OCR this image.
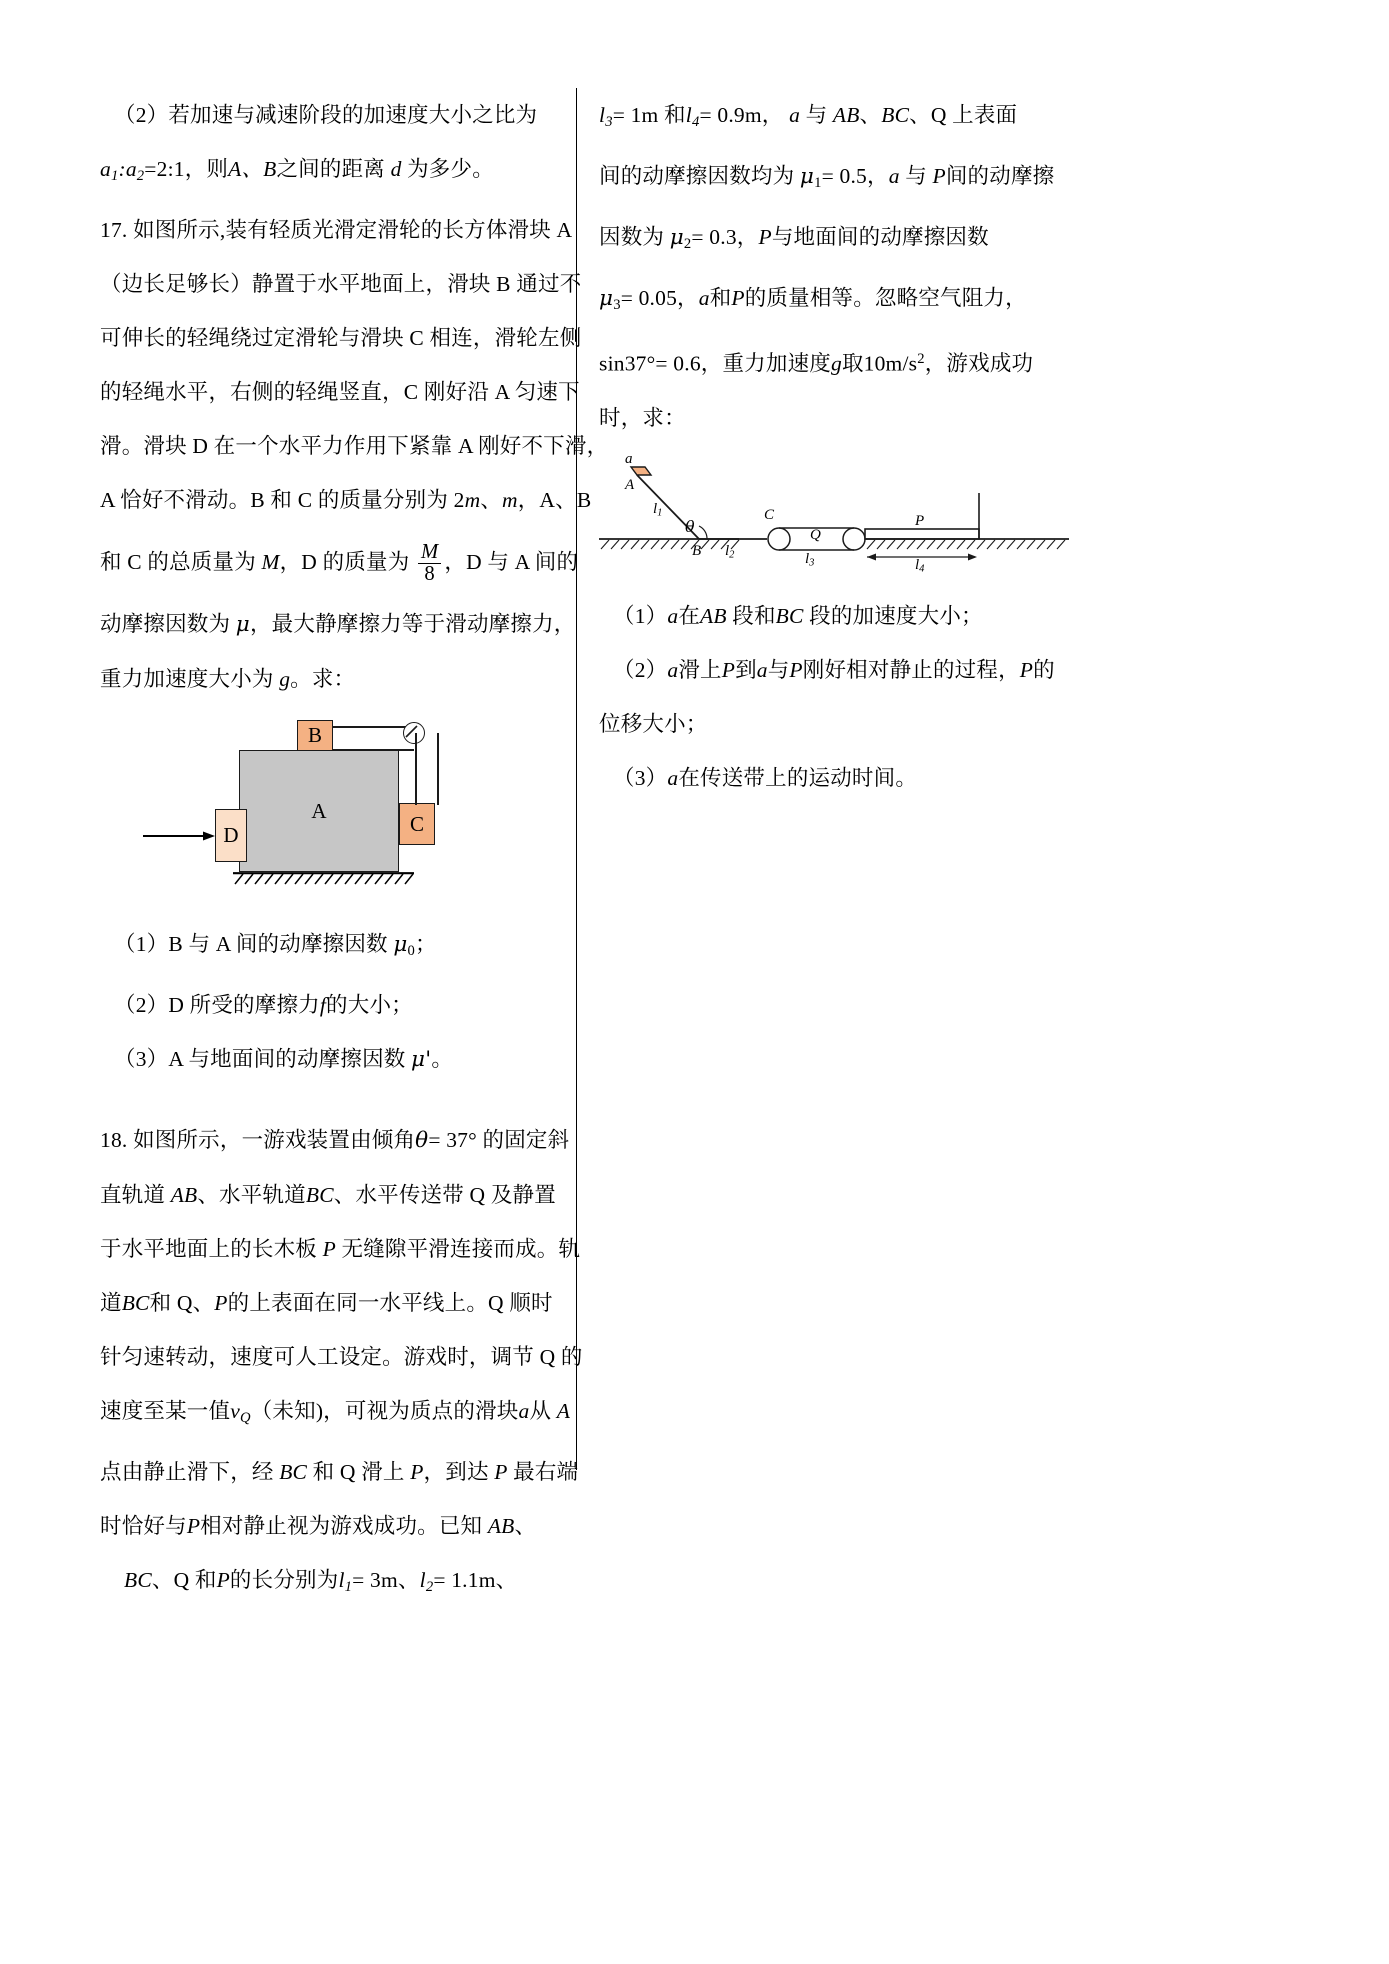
（2）若加速与减速阶段的加速度大小之比为
$a_1:a_2=2:1$，则A、B之间的距离 d 为多少。
17. 如图所示,装有轻质光滑定滑轮的长方体滑块 A
（边长足够长）静置于水平地面上，滑块 B 通过不
可伸长的轻绳绕过定滑轮与滑块 C 相连，滑轮左侧
的轻绳水平，右侧的轻绳竖直，C 刚好沿 A 匀速下
滑。滑块 D 在一个水平力作用下紧靠 A 刚好不下滑，
A 恰好不滑动。B 和 C 的质量分别为 2m、m，A、B
和 C 的总质量为 M，D 的质量为 $\frac{M}{8}$ ，D 与 A 间的
动摩擦因数为 μ，最大静摩擦力等于滑动摩擦力，
重力加速度大小为 g。求：
A
B
C
D
（1）B 与 A 间的动摩擦因数 $\mu_0$；
（2）D 所受的摩擦力f的大小；
（3）A 与地面间的动摩擦因数 μ'。
18. 如图所示，一游戏装置由倾角θ= 37° 的固定斜
直轨道 AB、水平轨道BC、水平传送带 Q 及静置
于水平地面上的长木板 P 无缝隙平滑连接而成。轨
道BC和 Q、P的上表面在同一水平线上。Q 顺时
针匀速转动，速度可人工设定。游戏时，调节 Q 的
速度至某一值$v_Q$（未知)，可视为质点的滑块a从 A
点由静止滑下，经 BC 和 Q 滑上 P，到达 P 最右端
时恰好与P相对静止视为游戏成功。已知 AB、
BC、Q 和P的长分别为$l_1= 3m$、$l_2= 1.1m$、
$l_3= 1m$ 和$l_4= 0.9m$， a 与 AB、BC、Q 上表面
间的动摩擦因数均为 $\mu_1= 0.5$，a 与 P间的动摩擦
因数为 $\mu_2= 0.3$，P与地面间的动摩擦因数
$\mu_3= 0.05$，a和P的质量相等。忽略空气阻力，
sin37°= 0.6，重力加速度g取$10m/s^2$，游戏成功
时，求：
a
A
l1
θ
B l2
C
Q
l3
P
l4
（1）a在AB 段和BC 段的加速度大小；
（2）a滑上P到a与P刚好相对静止的过程，P的
位移大小；
（3）a在传送带上的运动时间。
